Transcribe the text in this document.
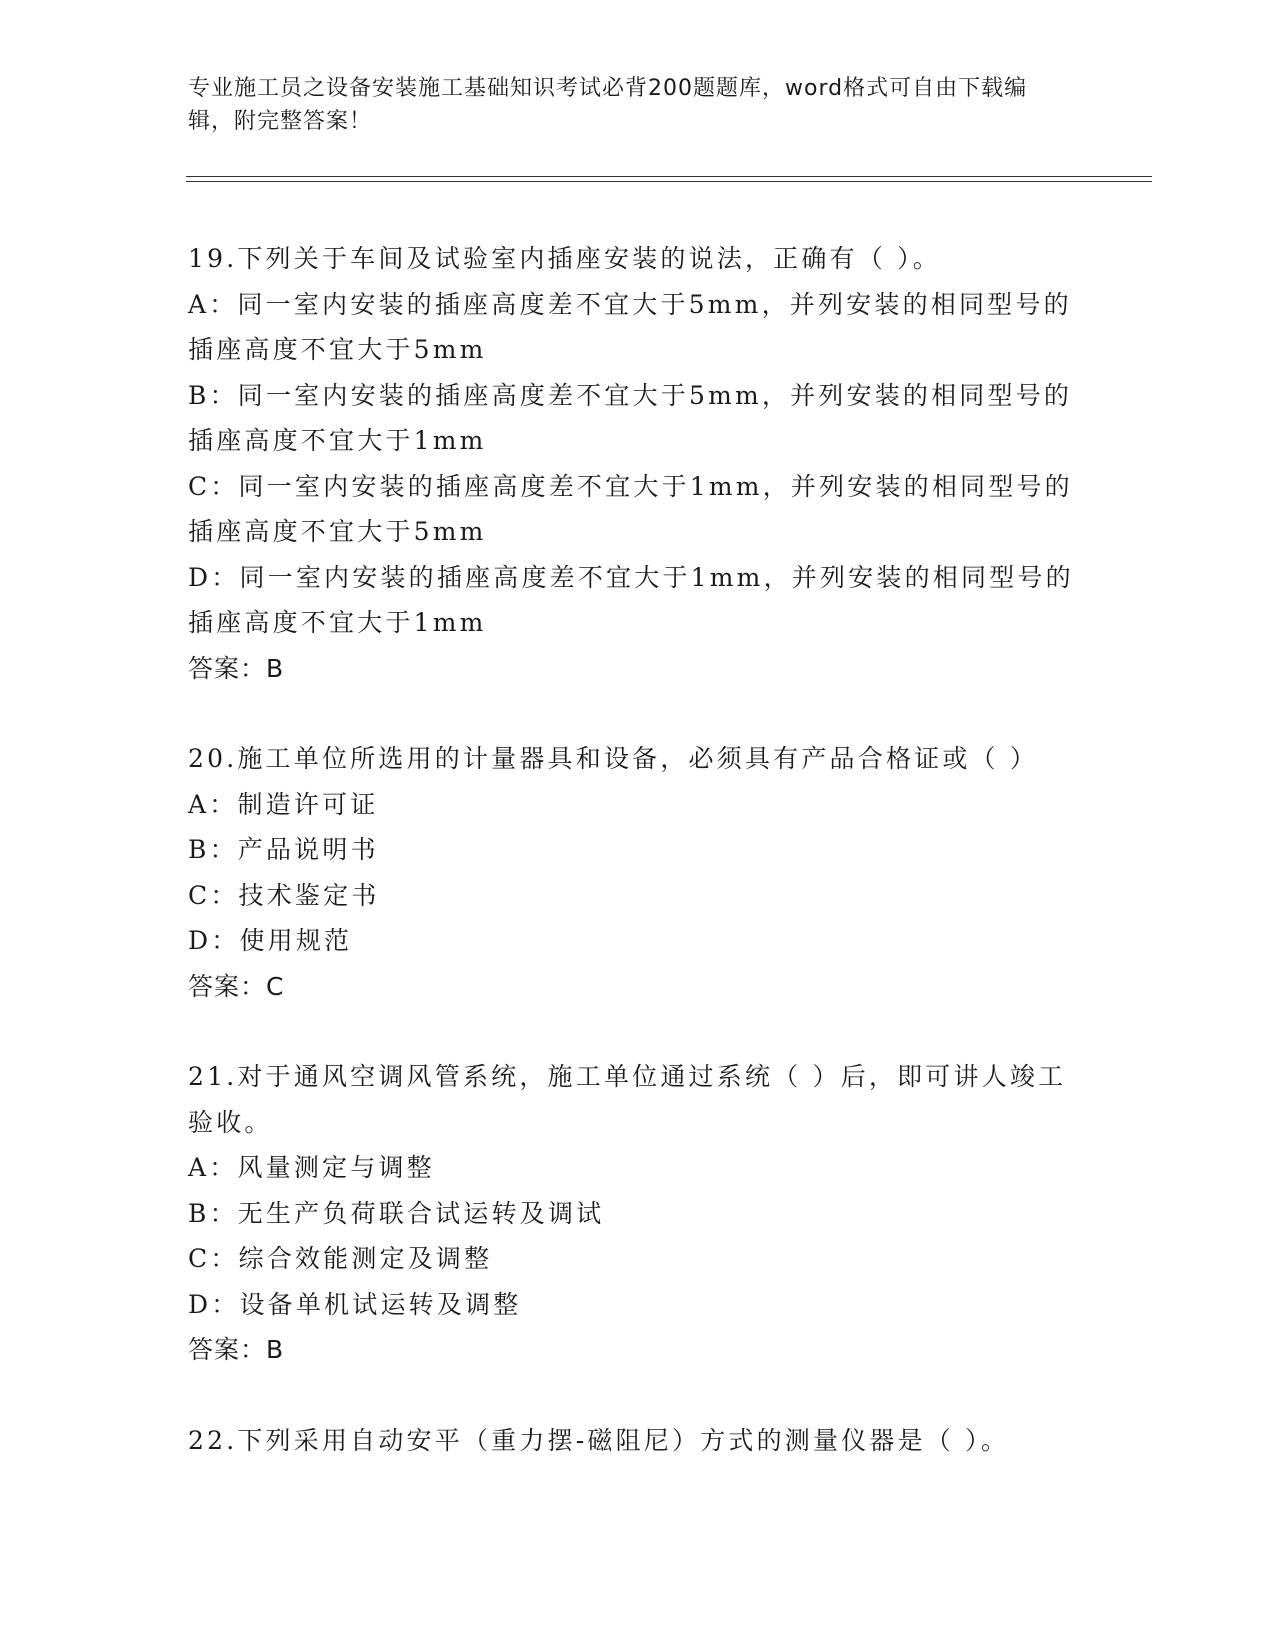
专业施工员之设备安装施工基础知识考试必背200题题库，word格式可自由下载编辑，附完整答案！
19.下列关于车间及试验室内插座安装的说法，正确有（ ）。
A：同一室内安装的插座高度差不宜大于5mm，并列安装的相同型号的插座高度不宜大于5mm
B：同一室内安装的插座高度差不宜大于5mm，并列安装的相同型号的插座高度不宜大于1mm
C：同一室内安装的插座高度差不宜大于1mm，并列安装的相同型号的插座高度不宜大于5mm
D：同一室内安装的插座高度差不宜大于1mm，并列安装的相同型号的插座高度不宜大于1mm
答案：B
20.施工单位所选用的计量器具和设备，必须具有产品合格证或（ ）
A：制造许可证
B：产品说明书
C：技术鉴定书
D：使用规范
答案：C
21.对于通风空调风管系统，施工单位通过系统（ ）后，即可讲人竣工验收。
A：风量测定与调整
B：无生产负荷联合试运转及调试
C：综合效能测定及调整
D：设备单机试运转及调整
答案：B
22.下列采用自动安平（重力摆-磁阻尼）方式的测量仪器是（ ）。
